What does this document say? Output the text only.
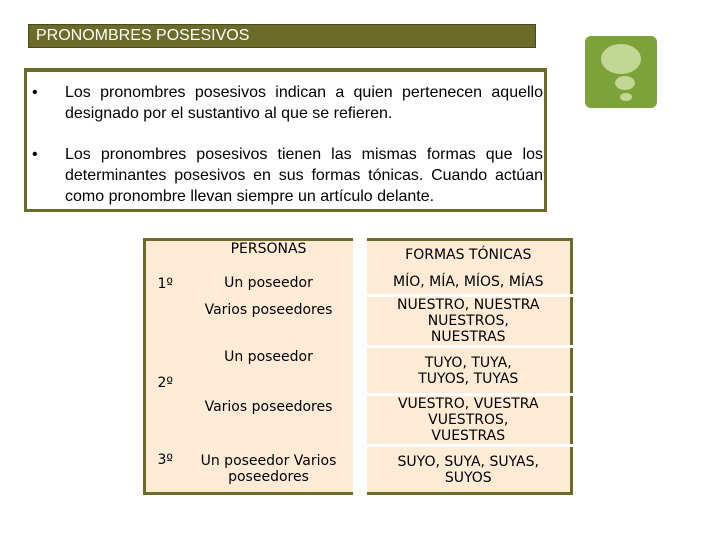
PRONOMBRES POSESIVOS
• Los pronombres posesivos indican a quien pertenecen aquello designado por el sustantivo al que se refieren.
• Los pronombres posesivos tienen las mismas formas que los determinantes posesivos en sus formas tónicas. Cuando actúan como pronombre llevan siempre un artículo delante.
	PERSONAS	FORMAS TÓNICAS
1º	Un poseedor	MÍO, MÍA, MÍOS, MÍAS
	Varios poseedores	NUESTRO, NUESTRA NUESTROS, NUESTRAS
2º	Un poseedor	TUYO, TUYA, TUYOS, TUYAS
	Varios poseedores	VUESTRO, VUESTRA VUESTROS, VUESTRAS
3º	Un poseedor Varios poseedores	SUYO, SUYA, SUYAS, SUYOS
